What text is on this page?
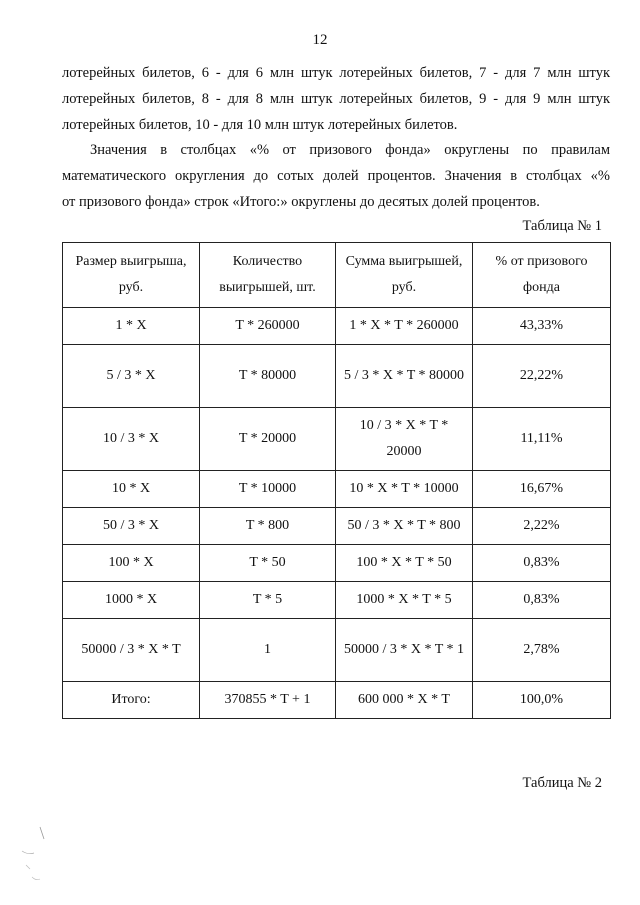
12

лотерейных билетов, 6 - для 6 млн штук лотерейных билетов, 7 - для 7 млн штук
лотерейных билетов, 8 - для 8 млн штук лотерейных билетов, 9 - для 9 млн штук
лотерейных билетов, 10 - для 10 млн штук лотерейных билетов.

Значения в столбцах «% от призового фонда» округлены по правилам
математического округления до сотых долей процентов. Значения в столбцах «%
от призового фонда» строк «Итого:» округлены до десятых долей процентов.

Таблица № 1
Размер выигрыша, руб.	Количество выигрышей, шт.	Сумма выигрышей, руб.	% от призового фонда
1 * X	T * 260000	1 * X * T * 260000	43,33%
5 / 3 * X	T * 80000	5 / 3 * X * T * 80000	22,22%
10 / 3 * X	T * 20000	10 / 3 * X * T * 20000	11,11%
10 * X	T * 10000	10 * X * T * 10000	16,67%
50 / 3 * X	T * 800	50 / 3 * X * T * 800	2,22%
100 * X	T * 50	100 * X * T * 50	0,83%
1000 * X	T * 5	1000 * X * T * 5	0,83%
50000 / 3 * X * T	1	50000 / 3 * X * T * 1	2,78%
Итого:	370855 * T + 1	600 000 * X * T	100,0%
Таблица № 2
